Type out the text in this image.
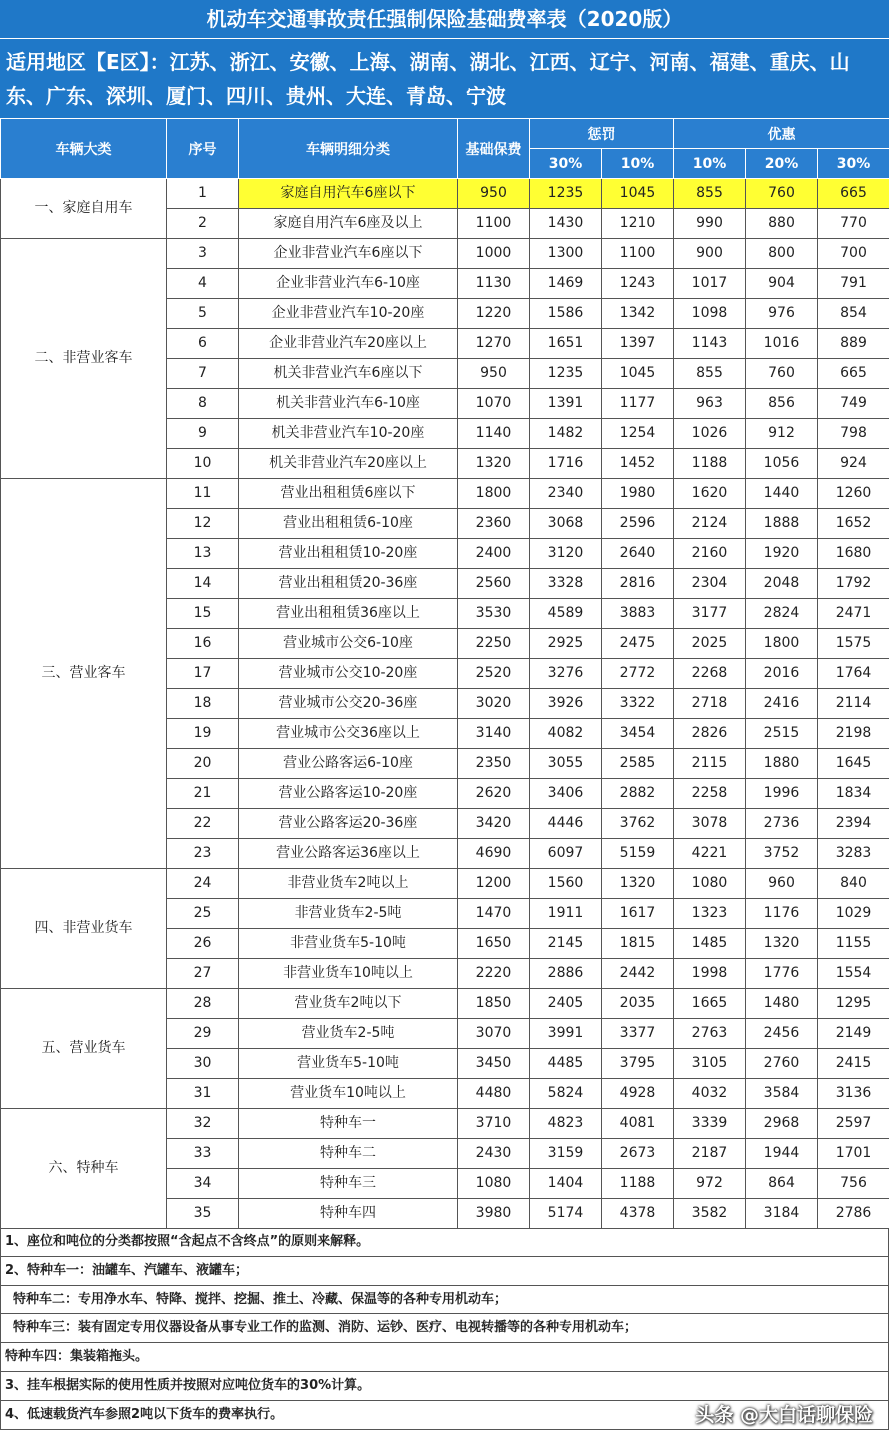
机动车交通事故责任强制保险基础费率表（2020版）
适用地区【E区】：江苏、浙江、安徽、上海、湖南、湖北、江西、辽宁、河南、福建、重庆、山东、广东、深圳、厦门、四川、贵州、大连、青岛、宁波
车辆大类	序号	车辆明细分类	基础保费	惩罚		优惠		
				30%	10%	10%	20%	30%
一、家庭自用车	1	家庭自用汽车6座以下	950	1235	1045	855	760	665
	2	家庭自用汽车6座及以上	1100	1430	1210	990	880	770
二、非营业客车	3	企业非营业汽车6座以下	1000	1300	1100	900	800	700
	4	企业非营业汽车6-10座	1130	1469	1243	1017	904	791
	5	企业非营业汽车10-20座	1220	1586	1342	1098	976	854
	6	企业非营业汽车20座以上	1270	1651	1397	1143	1016	889
	7	机关非营业汽车6座以下	950	1235	1045	855	760	665
	8	机关非营业汽车6-10座	1070	1391	1177	963	856	749
	9	机关非营业汽车10-20座	1140	1482	1254	1026	912	798
	10	机关非营业汽车20座以上	1320	1716	1452	1188	1056	924
三、营业客车	11	营业出租租赁6座以下	1800	2340	1980	1620	1440	1260
	12	营业出租租赁6-10座	2360	3068	2596	2124	1888	1652
	13	营业出租租赁10-20座	2400	3120	2640	2160	1920	1680
	14	营业出租租赁20-36座	2560	3328	2816	2304	2048	1792
	15	营业出租租赁36座以上	3530	4589	3883	3177	2824	2471
	16	营业城市公交6-10座	2250	2925	2475	2025	1800	1575
	17	营业城市公交10-20座	2520	3276	2772	2268	2016	1764
	18	营业城市公交20-36座	3020	3926	3322	2718	2416	2114
	19	营业城市公交36座以上	3140	4082	3454	2826	2515	2198
	20	营业公路客运6-10座	2350	3055	2585	2115	1880	1645
	21	营业公路客运10-20座	2620	3406	2882	2258	1996	1834
	22	营业公路客运20-36座	3420	4446	3762	3078	2736	2394
	23	营业公路客运36座以上	4690	6097	5159	4221	3752	3283
四、非营业货车	24	非营业货车2吨以上	1200	1560	1320	1080	960	840
	25	非营业货车2-5吨	1470	1911	1617	1323	1176	1029
	26	非营业货车5-10吨	1650	2145	1815	1485	1320	1155
	27	非营业货车10吨以上	2220	2886	2442	1998	1776	1554
五、营业货车	28	营业货车2吨以下	1850	2405	2035	1665	1480	1295
	29	营业货车2-5吨	3070	3991	3377	2763	2456	2149
	30	营业货车5-10吨	3450	4485	3795	3105	2760	2415
	31	营业货车10吨以上	4480	5824	4928	4032	3584	3136
六、特种车	32	特种车一	3710	4823	4081	3339	2968	2597
	33	特种车二	2430	3159	2673	2187	1944	1701
	34	特种车三	1080	1404	1188	972	864	756
	35	特种车四	3980	5174	4378	3582	3184	2786
1、座位和吨位的分类都按照“含起点不含终点”的原则来解释。
2、特种车一：油罐车、汽罐车、液罐车；
特种车二：专用净水车、特降、搅拌、挖掘、推土、冷藏、保温等的各种专用机动车；
特种车三：装有固定专用仪器设备从事专业工作的监测、消防、运钞、医疗、电视转播等的各种专用机动车；
特种车四：集装箱拖头。
3、挂车根据实际的使用性质并按照对应吨位货车的30%计算。
4、低速载货汽车参照2吨以下货车的费率执行。	头条 @大白话聊保险
